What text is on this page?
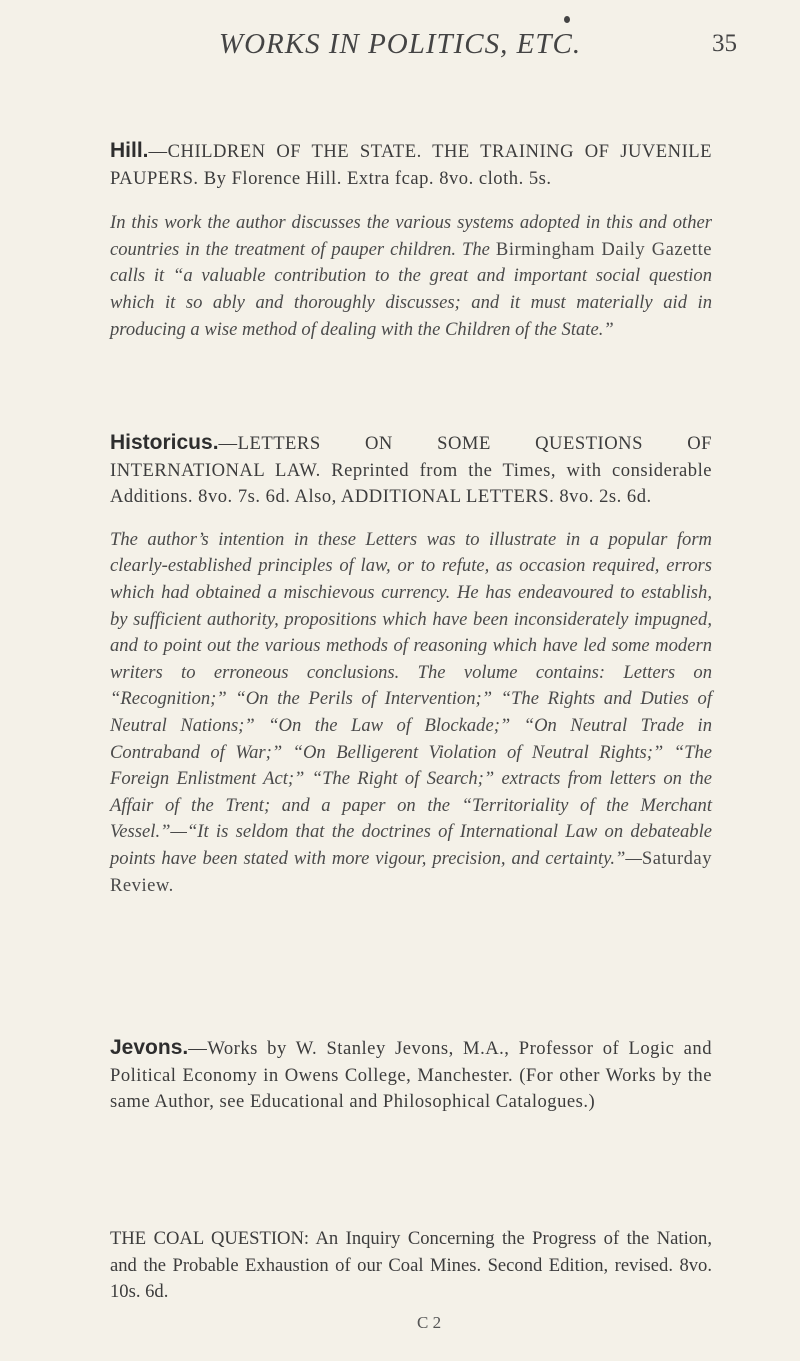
WORKS IN POLITICS, ETC.	35

Hill.—CHILDREN OF THE STATE. THE TRAINING OF JUVENILE PAUPERS. By Florence Hill. Extra fcap. 8vo. cloth. 5s.

In this work the author discusses the various systems adopted in this and other countries in the treatment of pauper children. The Birmingham Daily Gazette calls it “a valuable contribution to the great and important social question which it so ably and thoroughly discusses; and it must materially aid in producing a wise method of dealing with the Children of the State.”

Historicus.—LETTERS ON SOME QUESTIONS OF INTERNATIONAL LAW. Reprinted from the Times, with considerable Additions. 8vo. 7s. 6d. Also, ADDITIONAL LETTERS. 8vo. 2s. 6d.

The author’s intention in these Letters was to illustrate in a popular form clearly-established principles of law, or to refute, as occasion required, errors which had obtained a mischievous currency. He has endeavoured to establish, by sufficient authority, propositions which have been inconsiderately impugned, and to point out the various methods of reasoning which have led some modern writers to erroneous conclusions. The volume contains: Letters on “Recognition;” “On the Perils of Intervention;” “The Rights and Duties of Neutral Nations;” “On the Law of Blockade;” “On Neutral Trade in Contraband of War;” “On Belligerent Violation of Neutral Rights;” “The Foreign Enlistment Act;” “The Right of Search;” extracts from letters on the Affair of the Trent; and a paper on the “Territoriality of the Merchant Vessel.”—“It is seldom that the doctrines of International Law on debateable points have been stated with more vigour, precision, and certainty.”—Saturday Review.

Jevons.—Works by W. Stanley Jevons, M.A., Professor of Logic and Political Economy in Owens College, Manchester. (For other Works by the same Author, see Educational and Philosophical Catalogues.)

THE COAL QUESTION: An Inquiry Concerning the Progress of the Nation, and the Probable Exhaustion of our Coal Mines. Second Edition, revised. 8vo. 10s. 6d.

C 2
